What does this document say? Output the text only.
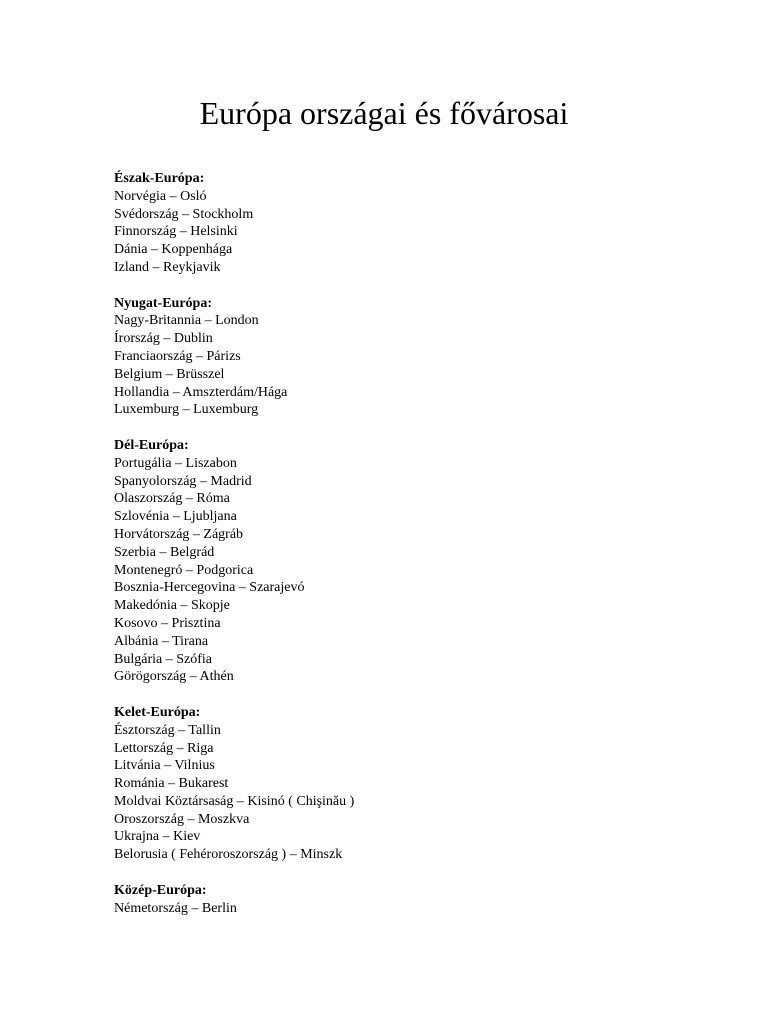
Európa országai és fővárosai
Észak-Európa:
Norvégia – Osló
Svédország – Stockholm
Finnország – Helsinki
Dánia – Koppenhága
Izland – Reykjavik
Nyugat-Európa:
Nagy-Britannia – London
Írország – Dublin
Franciaország – Párizs
Belgium – Brüsszel
Hollandia – Amszterdám/Hága
Luxemburg – Luxemburg
Dél-Európa:
Portugália – Liszabon
Spanyolország – Madrid
Olaszország – Róma
Szlovénia – Ljubljana
Horvátország – Zágráb
Szerbia – Belgrád
Montenegró – Podgorica
Bosznia-Hercegovina – Szarajevó
Makedónia – Skopje
Kosovo – Prisztina
Albánia – Tirana
Bulgária – Szófia
Görögország – Athén
Kelet-Európa:
Észtország – Tallin
Lettország – Riga
Litvánia – Vilnius
Románia – Bukarest
Moldvai Köztársaság – Kisinó ( Chişinău )
Oroszország – Moszkva
Ukrajna – Kiev
Belorusia ( Fehéroroszország ) – Minszk
Közép-Európa:
Németország – Berlin
